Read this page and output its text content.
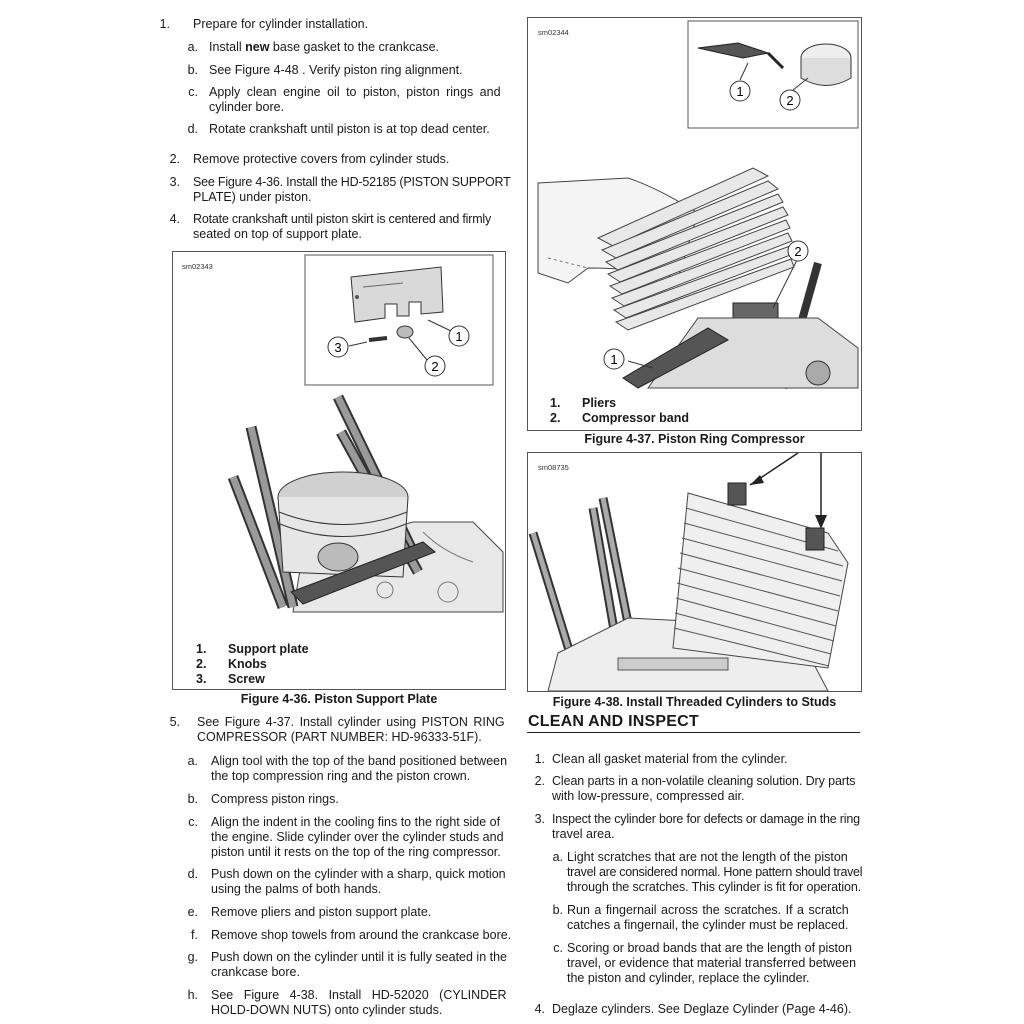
1. Prepare for cylinder installation.
a. Install new base gasket to the crankcase.
b. See Figure 4-48 . Verify piston ring alignment.
c. Apply clean engine oil to piston, piston rings and
cylinder bore.
d. Rotate crankshaft until piston is at top dead center.
2. Remove protective covers from cylinder studs.
3. See Figure 4-36. Install the HD-52185 (PISTON SUPPORT
PLATE) under piston.
4. Rotate crankshaft until piston skirt is centered and firmly
seated on top of support plate.
sm02343
1
2
3
1. Support plate
2. Knobs
3. Screw
Figure 4-36. Piston Support Plate
5. See Figure 4-37. Install cylinder using PISTON RING
COMPRESSOR (PART NUMBER: HD-96333-51F).
a. Align tool with the top of the band positioned between
the top compression ring and the piston crown.
b. Compress piston rings.
c. Align the indent in the cooling fins to the right side of
the engine. Slide cylinder over the cylinder studs and
piston until it rests on the top of the ring compressor.
d. Push down on the cylinder with a sharp, quick motion
using the palms of both hands.
e. Remove pliers and piston support plate.
f. Remove shop towels from around the crankcase bore.
g. Push down on the cylinder until it is fully seated in the
crankcase bore.
h. See Figure 4-38. Install HD-52020 (CYLINDER
HOLD-DOWN NUTS) onto cylinder studs.
sm02344
1
2
2
1
1. Pliers
2. Compressor band
Figure 4-37. Piston Ring Compressor
sm08735
Figure 4-38. Install Threaded Cylinders to Studs
CLEAN AND INSPECT
1. Clean all gasket material from the cylinder.
2. Clean parts in a non-volatile cleaning solution. Dry parts
with low-pressure, compressed air.
3. Inspect the cylinder bore for defects or damage in the ring
travel area.
a. Light scratches that are not the length of the piston
travel are considered normal. Hone pattern should travel
through the scratches. This cylinder is fit for operation.
b. Run a fingernail across the scratches. If a scratch
catches a fingernail, the cylinder must be replaced.
c. Scoring or broad bands that are the length of piston
travel, or evidence that material transferred between
the piston and cylinder, replace the cylinder.
4. Deglaze cylinders. See Deglaze Cylinder (Page 4-46).
